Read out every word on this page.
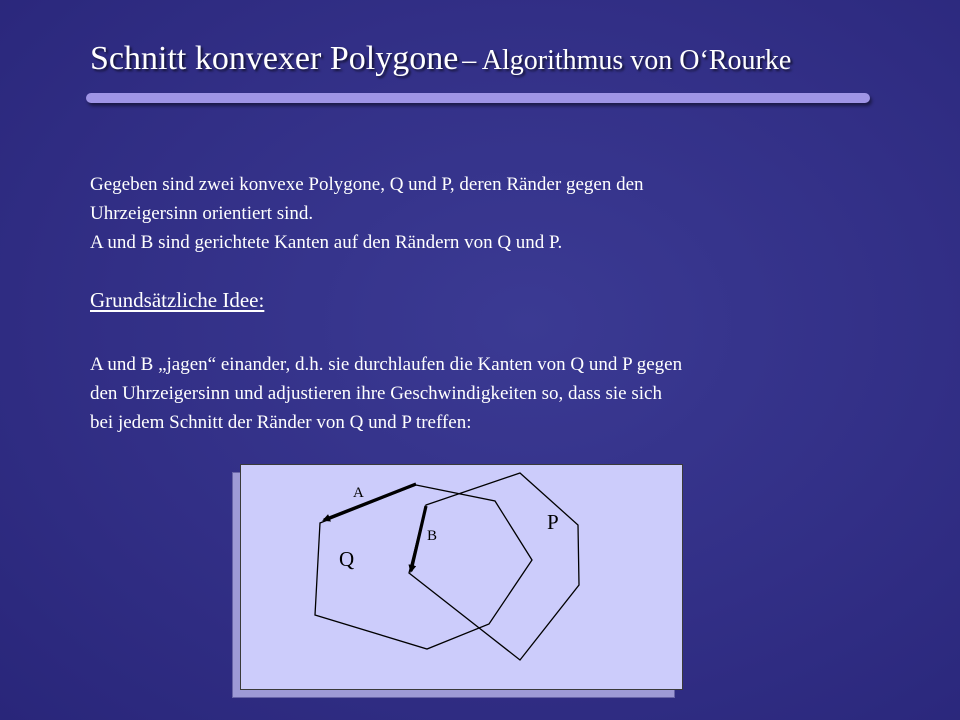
Schnitt konvexer Polygone – Algorithmus von O‘Rourke

Gegeben sind zwei konvexe Polygone, Q und P, deren Ränder gegen den

Uhrzeigersinn orientiert sind.

A und B sind gerichtete Kanten auf den Rändern von Q und P.

Grundsätzliche Idee:

A und B „jagen“ einander, d.h. sie durchlaufen die Kanten von Q und P gegen

den Uhrzeigersinn und adjustieren ihre Geschwindigkeiten so, dass sie sich

bei jedem Schnitt der Ränder von Q und P treffen:

A
B
P
Q
